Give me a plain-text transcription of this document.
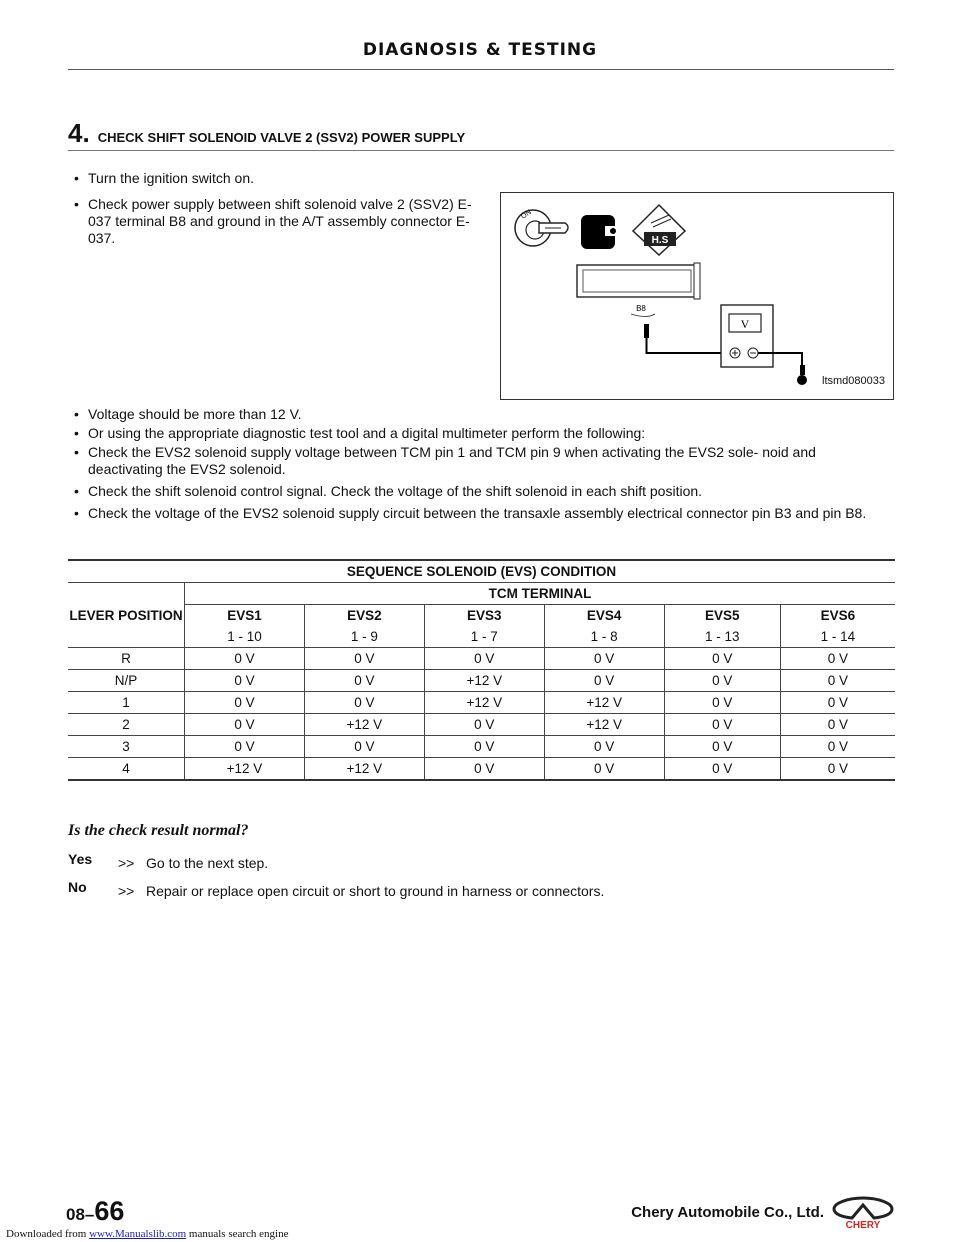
DIAGNOSIS & TESTING
4. CHECK SHIFT SOLENOID VALVE 2 (SSV2) POWER SUPPLY
• Turn the ignition switch on.
• Check power supply between shift solenoid valve 2 (SSV2) E-037 terminal B8 and ground in the A/T assembly connector E-037.
ON
H.S
B8
V
ltsmd080033
• Voltage should be more than 12 V.
• Or using the appropriate diagnostic test tool and a digital multimeter perform the following:
• Check the EVS2 solenoid supply voltage between TCM pin 1 and TCM pin 9 when activating the EVS2 sole- noid and deactivating the EVS2 solenoid.
• Check the shift solenoid control signal. Check the voltage of the shift solenoid in each shift position.
• Check the voltage of the EVS2 solenoid supply circuit between the transaxle assembly electrical connector pin B3 and pin B8.
SEQUENCE SOLENOID (EVS) CONDITION						
LEVER POSITION	TCM TERMINAL					
	EVS1	EVS2	EVS3	EVS4	EVS5	EVS6
	1 - 10	1 - 9	1 - 7	1 - 8	1 - 13	1 - 14
R	0 V	0 V	0 V	0 V	0 V	0 V
N/P	0 V	0 V	+12 V	0 V	0 V	0 V
1	0 V	0 V	+12 V	+12 V	0 V	0 V
2	0 V	+12 V	0 V	+12 V	0 V	0 V
3	0 V	0 V	0 V	0 V	0 V	0 V
4	+12 V	+12 V	0 V	0 V	0 V	0 V
Is the check result normal?
Yes	>> Go to the next step.
No	>> Repair or replace open circuit or short to ground in harness or connectors.
08–66	Chery Automobile Co., Ltd.
CHERY
Downloaded from www.Manualslib.com manuals search engine
